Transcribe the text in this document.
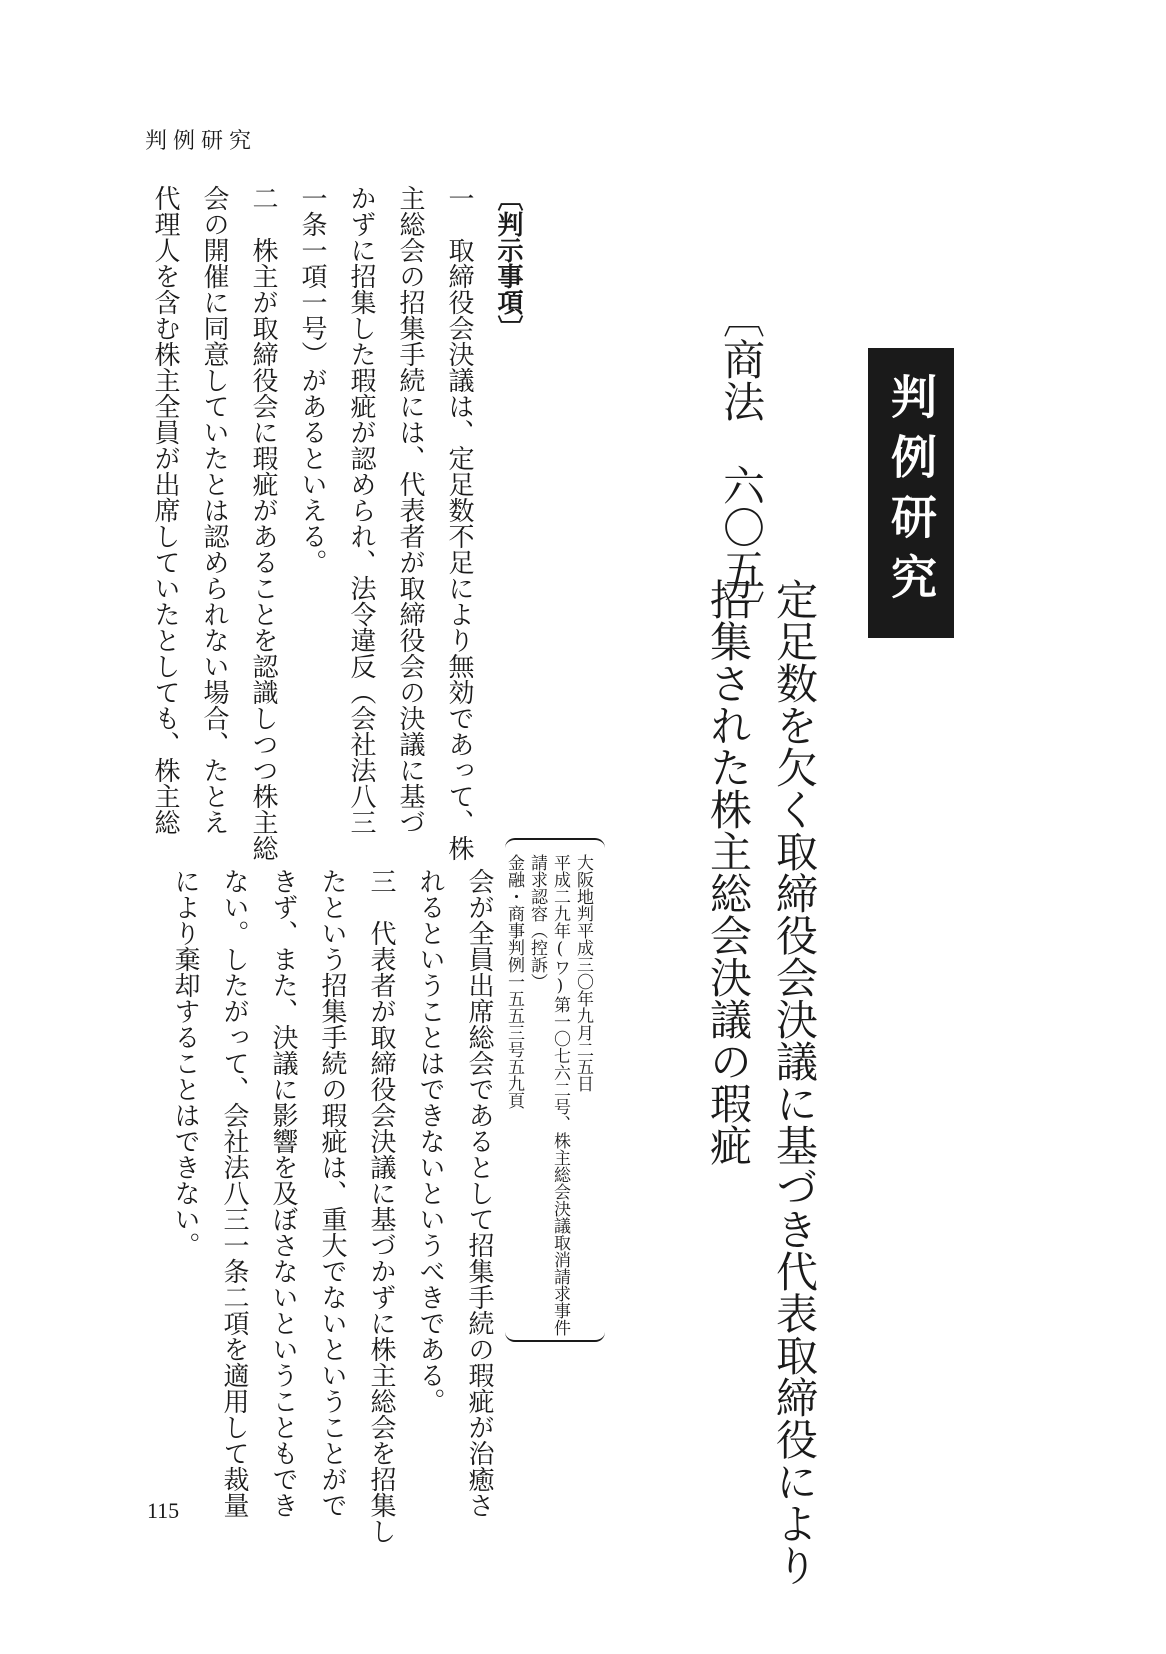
判例研究
判
例
研
究
〔商法　六〇五〕
定足数を欠く取締役会決議に基づき代表取締役により
招集された株主総会決議の瑕疵
大阪地判平成三〇年九月二五日
平成二九年(ワ)第一〇七六二号、株主総会決議取消請求事件
請求認容（控訴）
金融・商事判例一五五三号五九頁
〔判示事項〕
一　取締役会決議は、定足数不足により無効であって、株
主総会の招集手続には、代表者が取締役会の決議に基づ
かずに招集した瑕疵が認められ、法令違反（会社法八三
一条一項一号）があるといえる。
二　株主が取締役会に瑕疵があることを認識しつつ株主総
会の開催に同意していたとは認められない場合、たとえ
代理人を含む株主全員が出席していたとしても、株主総
会が全員出席総会であるとして招集手続の瑕疵が治癒さ
れるということはできないというべきである。
三　代表者が取締役会決議に基づかずに株主総会を招集し
たという招集手続の瑕疵は、重大でないということがで
きず、また、決議に影響を及ぼさないということもでき
ない。したがって、会社法八三一条二項を適用して裁量
により棄却することはできない。
115
